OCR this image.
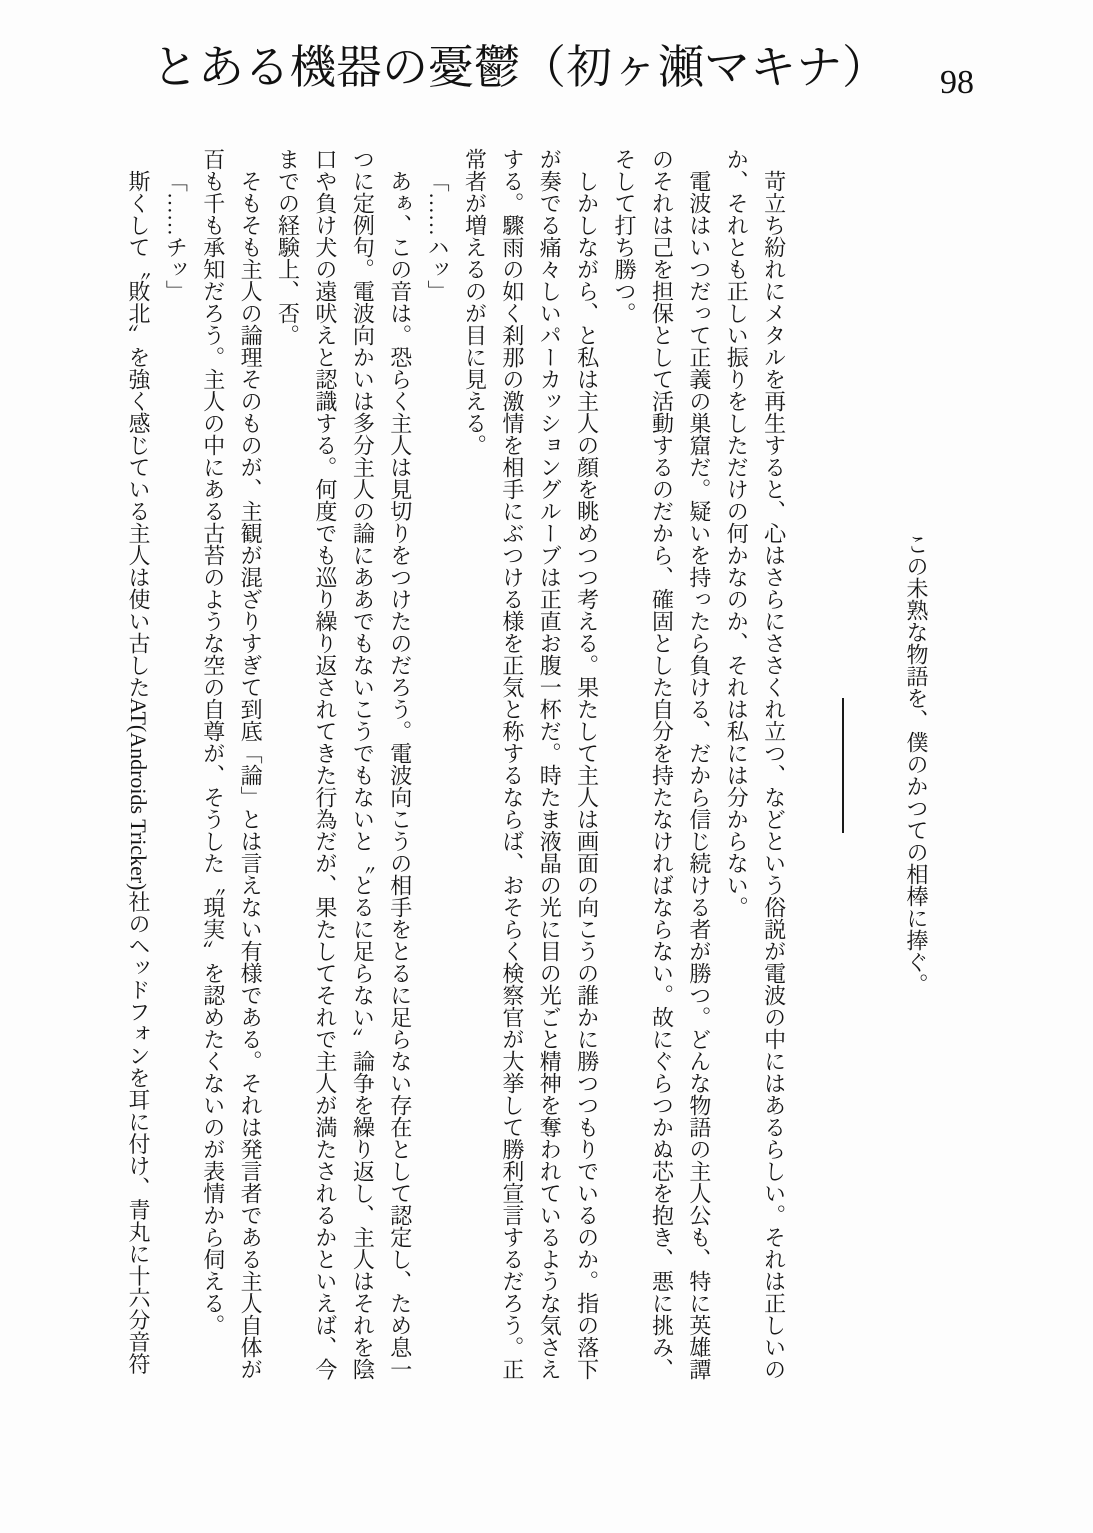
とある機器の憂鬱（初ヶ瀬マキナ） 98

この未熟な物語を、僕のかつての相棒に捧ぐ。

苛立ち紛れにメタルを再生すると、心はさらにささくれ立つ、などという俗説が電波の中にはあるらしい。それは正しいのか、それとも正しい振りをしただけの何かなのか、それは私には分からない。

電波はいつだって正義の巣窟だ。疑いを持ったら負ける、だから信じ続ける者が勝つ。どんな物語の主人公も、特に英雄譚のそれは己を担保として活動するのだから、確固とした自分を持たなければならない。故にぐらつかぬ芯を抱き、悪に挑み、そして打ち勝つ。

しかしながら、と私は主人の顔を眺めつつ考える。果たして主人は画面の向こうの誰かに勝つつもりでいるのか。指の落下が奏でる痛々しいパーカッショングルーブは正直お腹一杯だ。時たま液晶の光に目の光ごと精神を奪われているような気さえする。驟雨の如く刹那の激情を相手にぶつける様を正気と称するならば、おそらく検察官が大挙して勝利宣言するだろう。正常者が増えるのが目に見える。

「……ハッ」

あぁ、この音は。恐らく主人は見切りをつけたのだろう。電波向こうの相手をとるに足らない存在として認定し、ため息一つに定例句。電波向かいは多分主人の論にああでもないこうでもないと〝とるに足らない〟論争を繰り返し、主人はそれを陰口や負け犬の遠吠えと認識する。何度でも巡り繰り返されてきた行為だが、果たしてそれで主人が満たされるかといえば、今までの経験上、否。

そもそも主人の論理そのものが、主観が混ざりすぎて到底「論」とは言えない有様である。それは発言者である主人自体が百も千も承知だろう。主人の中にある古苔のような空の自尊が、そうした〝現実〟を認めたくないのが表情から伺える。

「……チッ」

斯くして〝敗北〟を強く感じている主人は使い古したAT(Androids Tricker)社のヘッドフォンを耳に付け、青丸に十六分音符
